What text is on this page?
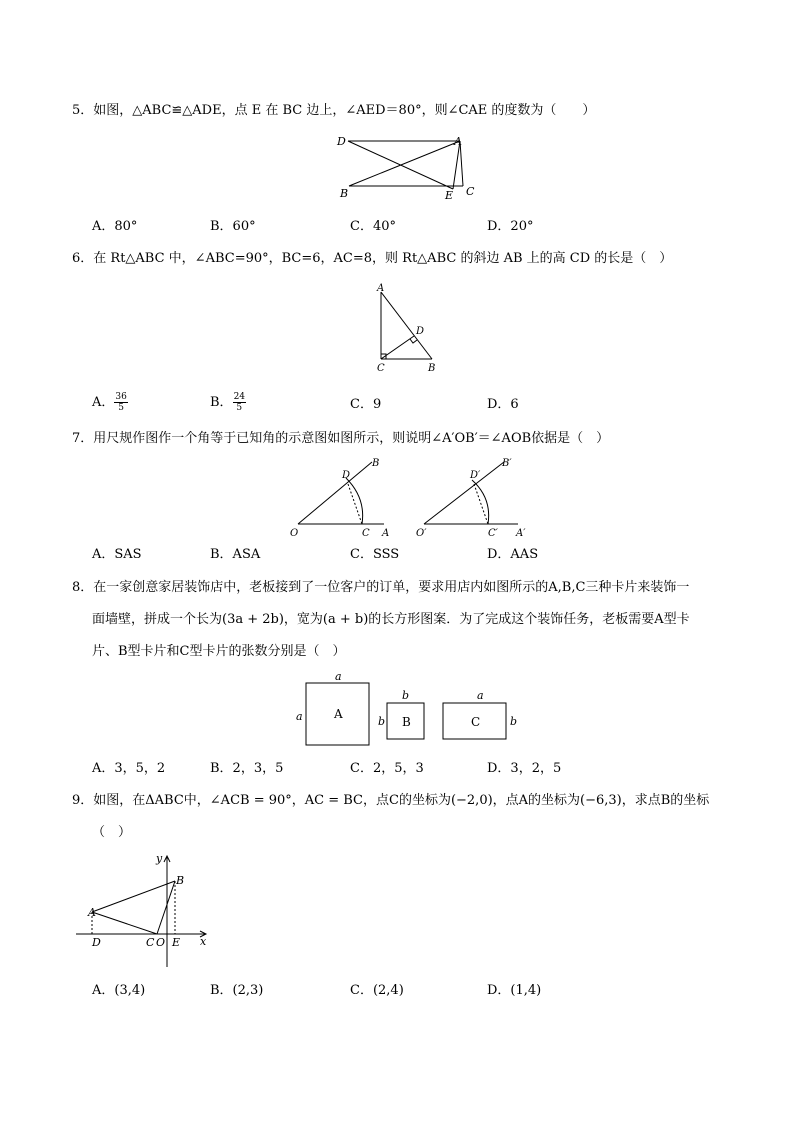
5．如图，△ABC≌△ADE，点 E 在 BC 边上，∠AED＝80°，则∠CAE 的度数为（　　）
D	A
B	E C
A．80°	B．60°	C．40°	D．20°
6．在 Rt△ABC 中，∠ABC=90°，BC=6，AC=8，则 Rt△ABC 的斜边 AB 上的高 CD 的长是（　）
A
D
C	B
A． $\frac{36}{5}$	B． $\frac{24}{5}$	C．9	D．6
7．用尺规作图作一个角等于已知角的示意图如图所示，则说明∠A′OB′＝∠AOB依据是（　）
O
D
B
C A	O′
D′
B′
C′ A′
A．SAS	B．ASA	C．SSS	D．AAS
8．在一家创意家居装饰店中，老板接到了一位客户的订单，要求用店内如图所示的A,B,C三种卡片来装饰一
面墙壁，拼成一个长为(3a + 2b)，宽为(a + b)的长方形图案．为了完成这个装饰任务，老板需要A型卡
片、B型卡片和C型卡片的张数分别是（　）
a
a	A
b
b B
a
b
C
A．3，5，2	B．2，3，5	C．2，5，3	D．3，2，5
9．如图，在ΔABC中，∠ACB = 90°，AC = BC，点C的坐标为(−2,0)，点A的坐标为(−6,3)，求点B的坐标
（　）
y
x
A
B
D	C O E
A．(3,4)	B．(2,3)	C．(2,4)	D．(1,4)
